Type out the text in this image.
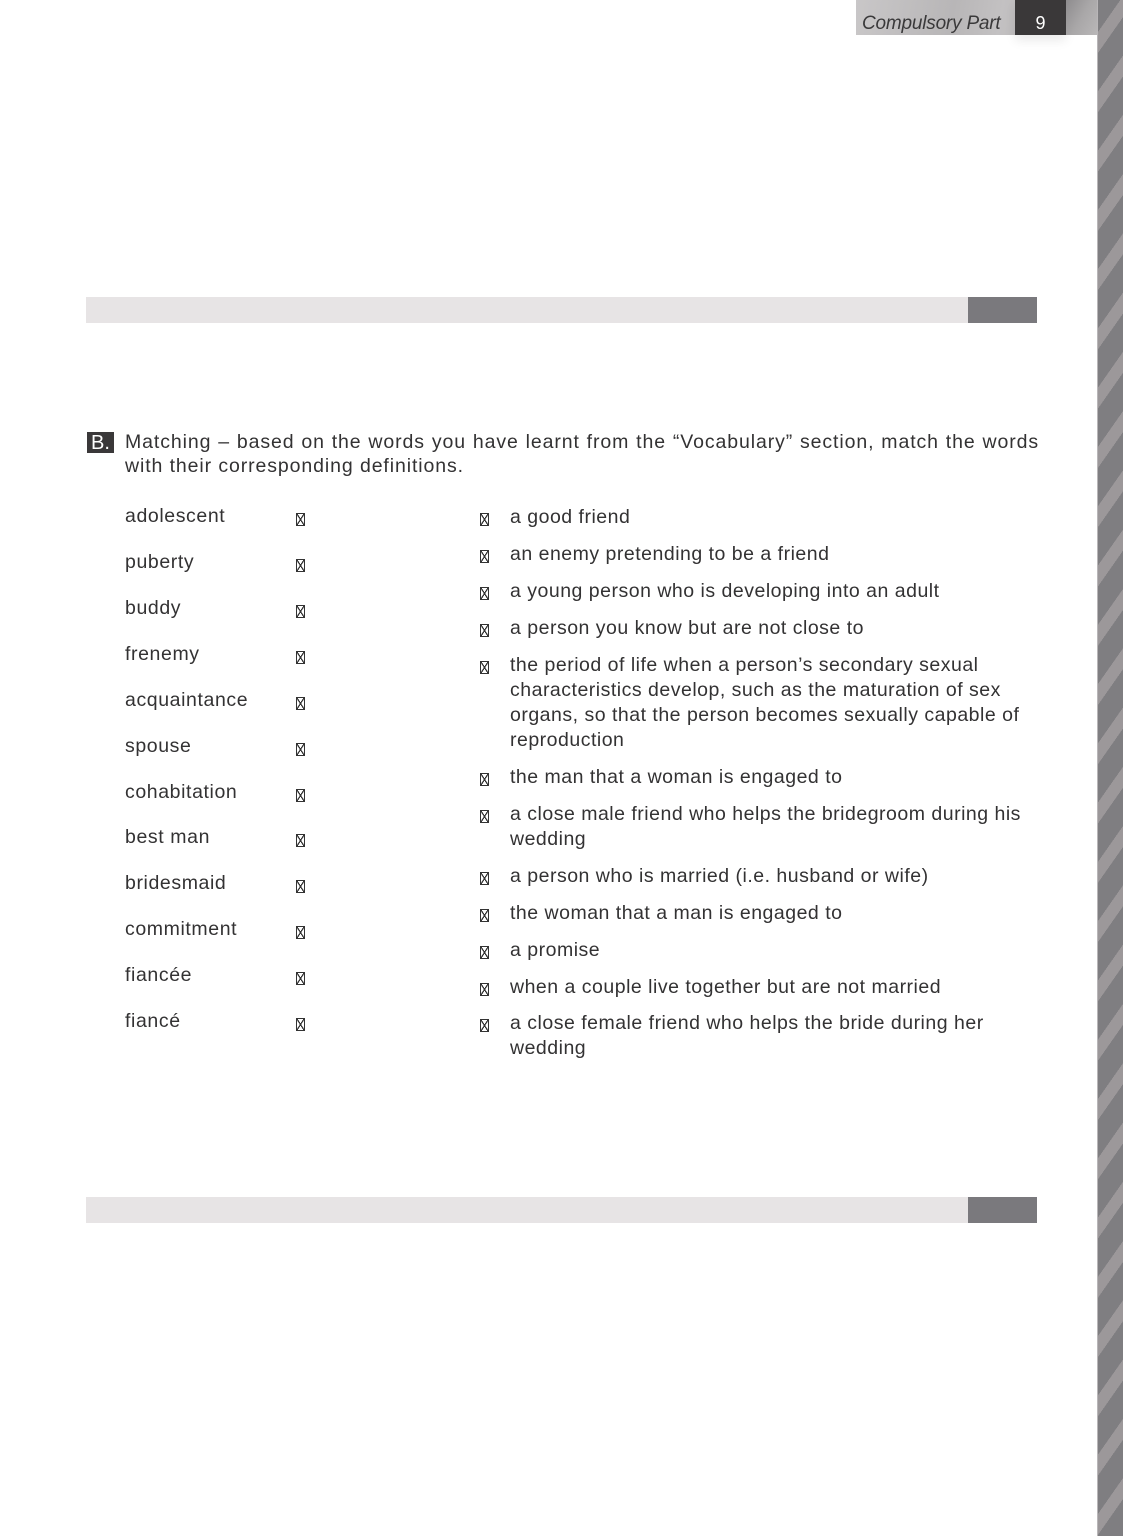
Compulsory Part	9
B. Matching – based on the words you have learnt from the “Vocabulary” section, match the words with their corresponding definitions.
adolescent
puberty
buddy
frenemy
acquaintance
spouse
cohabitation
best man
bridesmaid
commitment
fiancée
fiancé
a good friend
an enemy pretending to be a friend
a young person who is developing into an adult
a person you know but are not close to
the period of life when a person’s secondary sexual characteristics develop, such as the maturation of sex organs, so that the person becomes sexually capable of reproduction
the man that a woman is engaged to
a close male friend who helps the bridegroom during his wedding
a person who is married (i.e. husband or wife)
the woman that a man is engaged to
a promise
when a couple live together but are not married
a close female friend who helps the bride during her wedding
